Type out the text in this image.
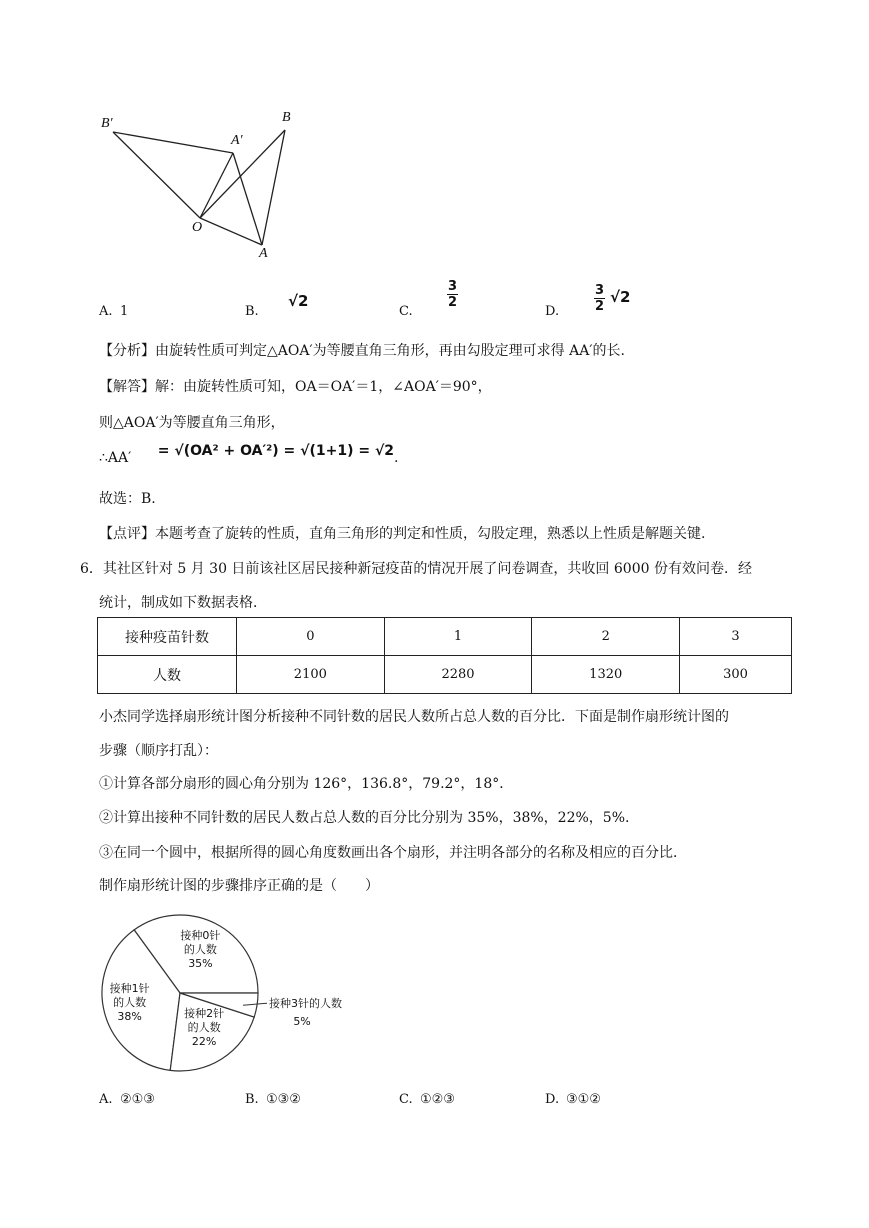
B′
A′
B
O
A
A. 1	B.
√2
C.
$\frac{3}{2}$
D.	$\frac{3}{2} √2$
【分析】由旋转性质可判定△AOA′为等腰直角三角形，再由勾股定理可求得 AA′的长.
【解答】解：由旋转性质可知，OA＝OA′＝1，∠AOA′＝90°，
则△AOA′为等腰直角三角形，
∴AA′ = √(OA² + OA′²) = √(1+1) = √2.
故选：B.
【点评】本题考查了旋转的性质，直角三角形的判定和性质，勾股定理，熟悉以上性质是解题关键.
6．其社区针对 5 月 30 日前该社区居民接种新冠疫苗的情况开展了问卷调查，共收回 6000 份有效问卷．经
统计，制成如下数据表格．
接种疫苗针数	0	1	2	3
人数	2100	2280	1320	300
小杰同学选择扇形统计图分析接种不同针数的居民人数所占总人数的百分比．下面是制作扇形统计图的
步骤（顺序打乱）：
①计算各部分扇形的圆心角分别为 126°，136.8°，79.2°，18°．
②计算出接种不同针数的居民人数占总人数的百分比分别为 35%，38%，22%，5%.
③在同一个圆中，根据所得的圆心角度数画出各个扇形，并注明各部分的名称及相应的百分比．
制作扇形统计图的步骤排序正确的是（　　）
接种0针
的人数
35%
接种1针
的人数
38%	接种2针
的人数
22%
接种3针的人数
5%
A. ②①③	B. ①③②	C. ①②③	D. ③①②
